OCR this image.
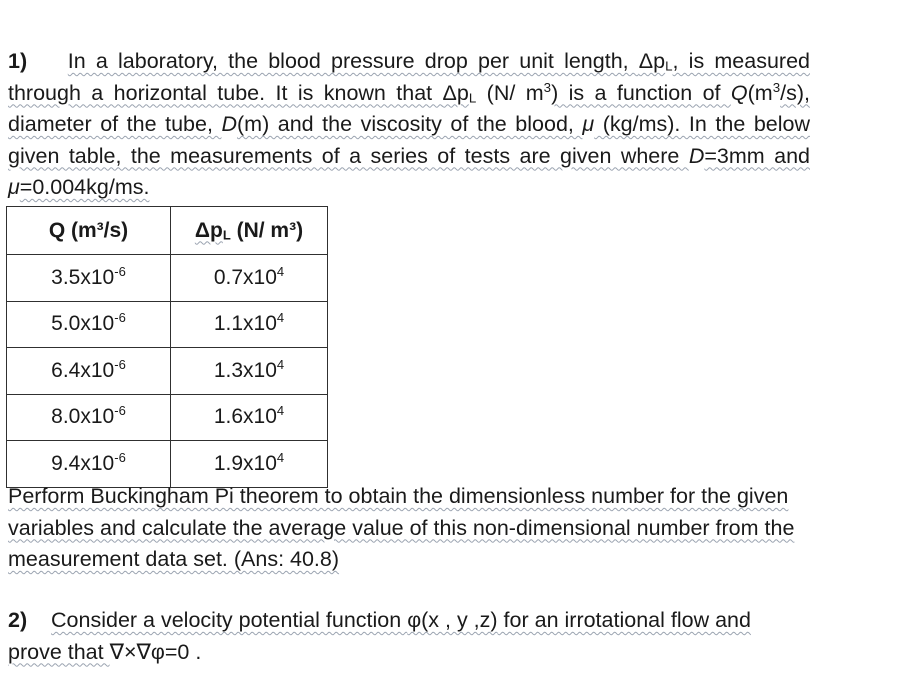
1) In a laboratory, the blood pressure drop per unit length, $\Delta p_L$, is measured through a horizontal tube. It is known that $\Delta p_L$ (N/ $m^3$) is a function of $Q(m^3/s)$, diameter of the tube, D(m) and the viscosity of the blood, μ (kg/ms). In the below given table, the measurements of a series of tests are given where D=3mm and μ=0.004kg/ms.
Q (m³/s)	$\Delta p_L$ (N/ m³)
$3.5x10^{-6}$	$0.7x10^4$
$5.0x10^{-6}$	$1.1x10^4$
$6.4x10^{-6}$	$1.3x10^4$
$8.0x10^{-6}$	$1.6x10^4$
$9.4x10^{-6}$	$1.9x10^4$
Perform Buckingham Pi theorem to obtain the dimensionless number for the given variables and calculate the average value of this non-dimensional number from the measurement data set. (Ans: 40.8)
2) Consider a velocity potential function φ(x , y ,z) for an irrotational flow and prove that ∇×∇φ=0 .
